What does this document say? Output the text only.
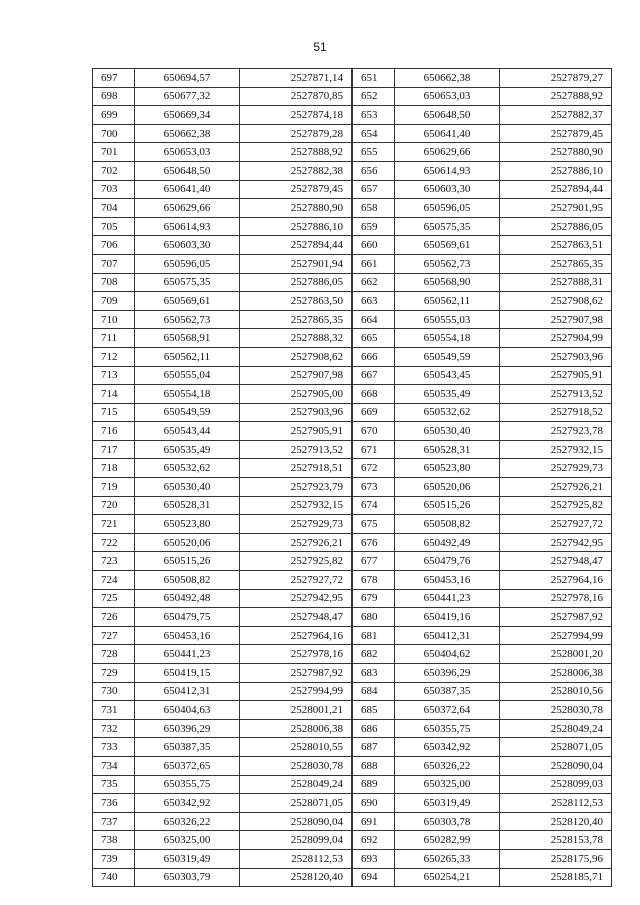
51
697	650694,57	2527871,14
698	650677,32	2527870,85
699	650669,34	2527874,18
700	650662,38	2527879,28
701	650653,03	2527888,92
702	650648,50	2527882,38
703	650641,40	2527879,45
704	650629,66	2527880,90
705	650614,93	2527886,10
706	650603,30	2527894,44
707	650596,05	2527901,94
708	650575,35	2527886,05
709	650569,61	2527863,50
710	650562,73	2527865,35
711	650568,91	2527888,32
712	650562,11	2527908,62
713	650555,04	2527907,98
714	650554,18	2527905,00
715	650549,59	2527903,96
716	650543,44	2527905,91
717	650535,49	2527913,52
718	650532,62	2527918,51
719	650530,40	2527923,79
720	650528,31	2527932,15
721	650523,80	2527929,73
722	650520,06	2527926,21
723	650515,26	2527925,82
724	650508,82	2527927,72
725	650492,48	2527942,95
726	650479,75	2527948,47
727	650453,16	2527964,16
728	650441,23	2527978,16
729	650419,15	2527987,92
730	650412,31	2527994,99
731	650404,63	2528001,21
732	650396,29	2528006,38
733	650387,35	2528010,55
734	650372,65	2528030,78
735	650355,75	2528049,24
736	650342,92	2528071,05
737	650326,22	2528090,04
738	650325,00	2528099,04
739	650319,49	2528112,53
740	650303,79	2528120,40
651	650662,38	2527879,27
652	650653,03	2527888,92
653	650648,50	2527882,37
654	650641,40	2527879,45
655	650629,66	2527880,90
656	650614,93	2527886,10
657	650603,30	2527894,44
658	650596,05	2527901,95
659	650575,35	2527886,05
660	650569,61	2527863,51
661	650562,73	2527865,35
662	650568,90	2527888,31
663	650562,11	2527908,62
664	650555,03	2527907,98
665	650554,18	2527904,99
666	650549,59	2527903,96
667	650543,45	2527905,91
668	650535,49	2527913,52
669	650532,62	2527918,52
670	650530,40	2527923,78
671	650528,31	2527932,15
672	650523,80	2527929,73
673	650520,06	2527926,21
674	650515,26	2527925,82
675	650508,82	2527927,72
676	650492,49	2527942,95
677	650479,76	2527948,47
678	650453,16	2527964,16
679	650441,23	2527978,16
680	650419,16	2527987,92
681	650412,31	2527994,99
682	650404,62	2528001,20
683	650396,29	2528006,38
684	650387,35	2528010,56
685	650372,64	2528030,78
686	650355,75	2528049,24
687	650342,92	2528071,05
688	650326,22	2528090,04
689	650325,00	2528099,03
690	650319,49	2528112,53
691	650303,78	2528120,40
692	650282,99	2528153,78
693	650265,33	2528175,96
694	650254,21	2528185,71
